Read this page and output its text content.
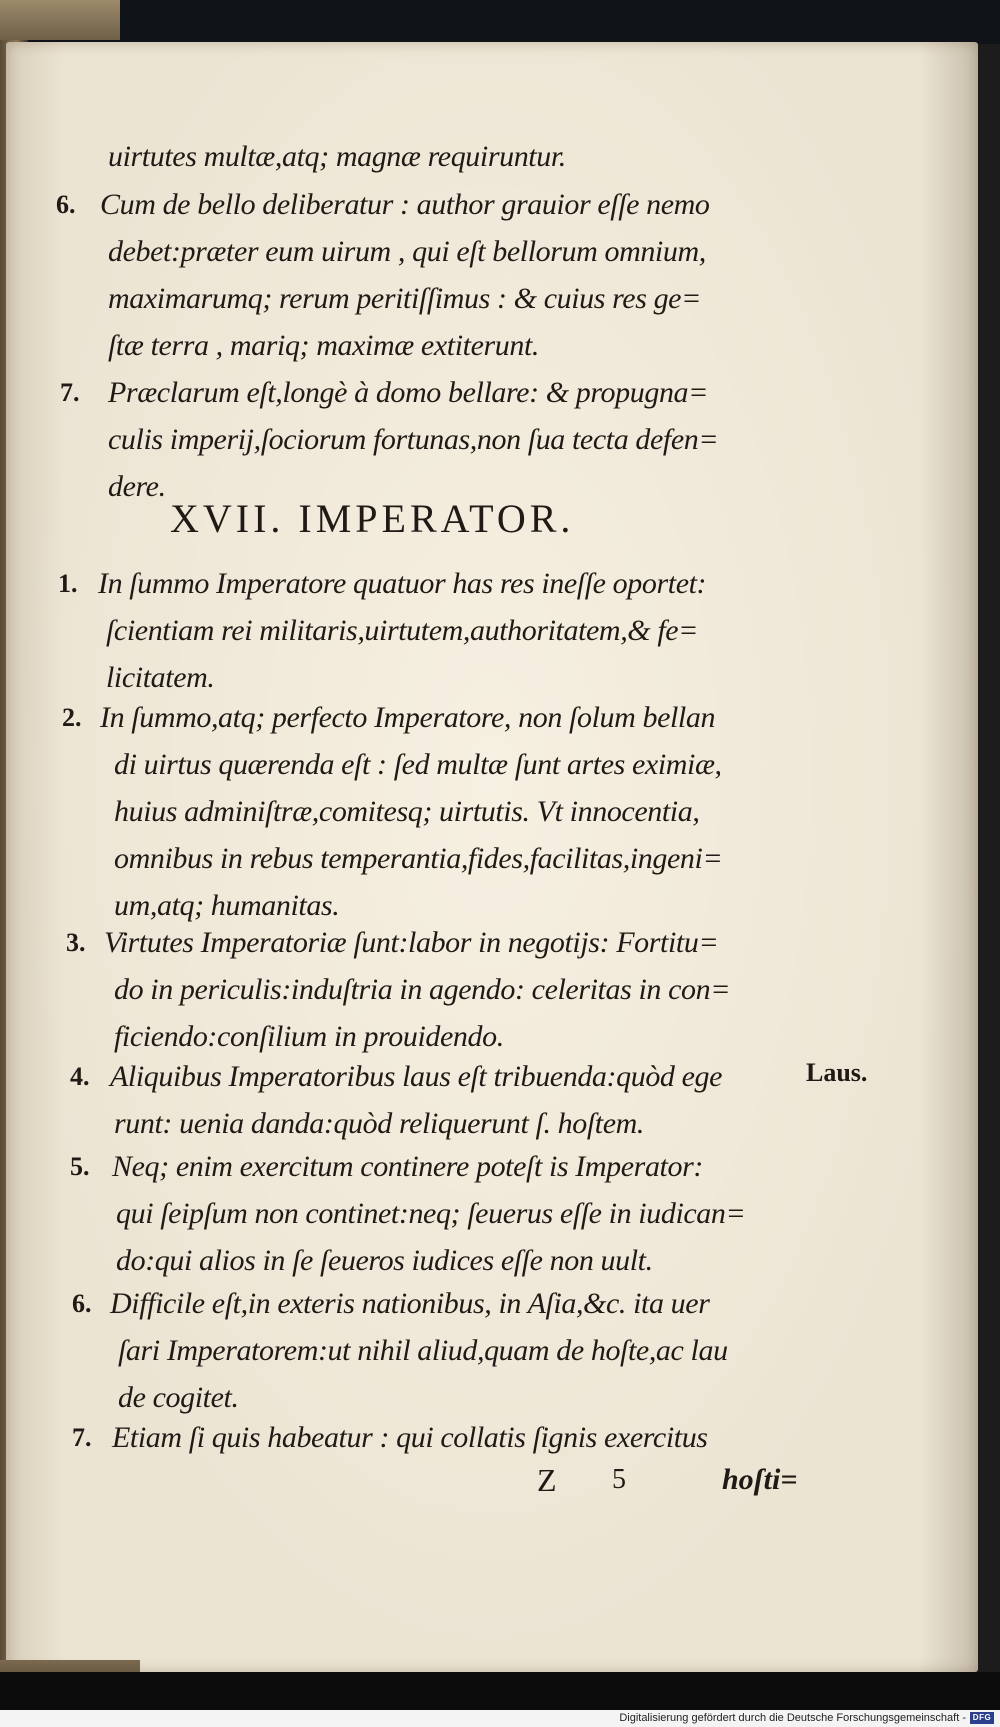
uirtutes multæ,atq; magnæ requiruntur.

6. Cum de bello deliberatur : author grauior eſſe nemo

debet:præter eum uirum , qui eſt bellorum omnium,

maximarumq; rerum peritiſſimus : & cuius res ge=

ſtæ terra , mariq; maximæ extiterunt.

7. Præclarum eſt,longè à domo bellare: & propugna=

culis imperij,ſociorum fortunas,non ſua tecta defen=

dere.

XVII. IMPERATOR.
1. In ſummo Imperatore quatuor has res ineſſe oportet:

ſcientiam rei militaris,uirtutem,authoritatem,& fe=

licitatem.

2. In ſummo,atq; perfecto Imperatore, non ſolum bellan

di uirtus quærenda eſt : ſed multæ ſunt artes eximiæ,

huius adminiſtræ,comitesq; uirtutis. Vt innocentia,

omnibus in rebus temperantia,fides,facilitas,ingeni=

um,atq; humanitas.

3. Virtutes Imperatoriæ ſunt:labor in negotijs: Fortitu=

do in periculis:induſtria in agendo: celeritas in con=

ficiendo:conſilium in prouidendo.

4. Aliquibus Imperatoribus laus eſt tribuenda:quòd ege

runt: uenia danda:quòd reliquerunt ſ. hoſtem.

Laus.
5. Neq; enim exercitum continere poteſt is Imperator:

qui ſeipſum non continet:neq; ſeuerus eſſe in iudican=

do:qui alios in ſe ſeueros iudices eſſe non uult.

6. Difficile eſt,in exteris nationibus, in Aſia,&c. ita uer

ſari Imperatorem:ut nihil aliud,quam de hoſte,ac lau

de cogitet.

7. Etiam ſi quis habeatur : qui collatis ſignis exercitus

Z 5	hoſti=
Digitalisierung gefördert durch die Deutsche Forschungsgemeinschaft - DFG
